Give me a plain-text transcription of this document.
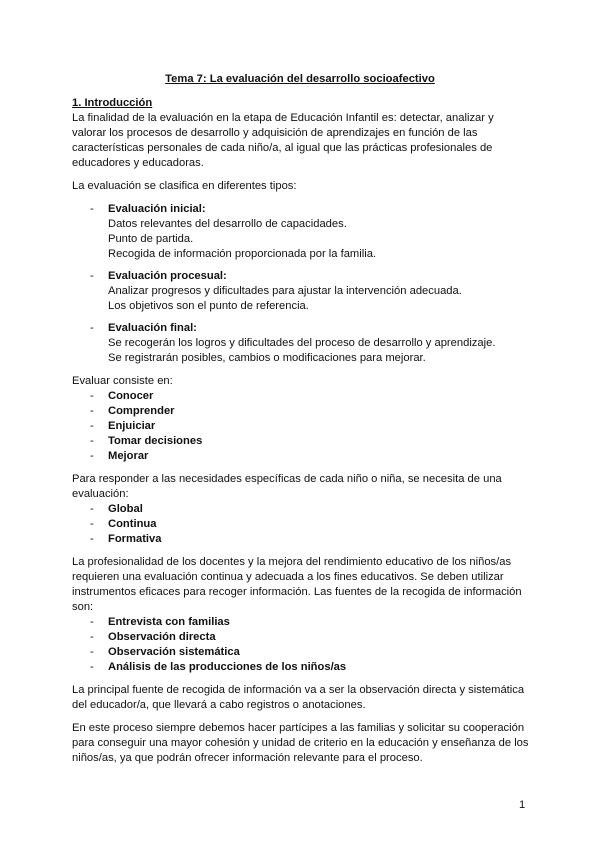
Tema 7: La evaluación del desarrollo socioafectivo
1. Introducción

La finalidad de la evaluación en la etapa de Educación Infantil es: detectar, analizar y valorar los procesos de desarrollo y adquisición de aprendizajes en función de las características personales de cada niño/a, al igual que las prácticas profesionales de educadores y educadoras.

La evaluación se clasifica en diferentes tipos:

- Evaluación inicial:
Datos relevantes del desarrollo de capacidades.
Punto de partida.
Recogida de información proporcionada por la familia.
- Evaluación procesual:
Analizar progresos y dificultades para ajustar la intervención adecuada.
Los objetivos son el punto de referencia.
- Evaluación final:
Se recogerán los logros y dificultades del proceso de desarrollo y aprendizaje.
Se registrarán posibles, cambios o modificaciones para mejorar.
Evaluar consiste en:
- Conocer
- Comprender
- Enjuiciar
- Tomar decisiones
- Mejorar
Para responder a las necesidades específicas de cada niño o niña, se necesita de una evaluación:
- Global
- Continua
- Formativa
La profesionalidad de los docentes y la mejora del rendimiento educativo de los niños/as requieren una evaluación continua y adecuada a los fines educativos. Se deben utilizar instrumentos eficaces para recoger información. Las fuentes de la recogida de información son:
- Entrevista con familias
- Observación directa
- Observación sistemática
- Análisis de las producciones de los niños/as

La principal fuente de recogida de información va a ser la observación directa y sistemática del educador/a, que llevará a cabo registros o anotaciones.

En este proceso siempre debemos hacer partícipes a las familias y solicitar su cooperación para conseguir una mayor cohesión y unidad de criterio en la educación y enseñanza de los niños/as, ya que podrán ofrecer información relevante para el proceso.

1
